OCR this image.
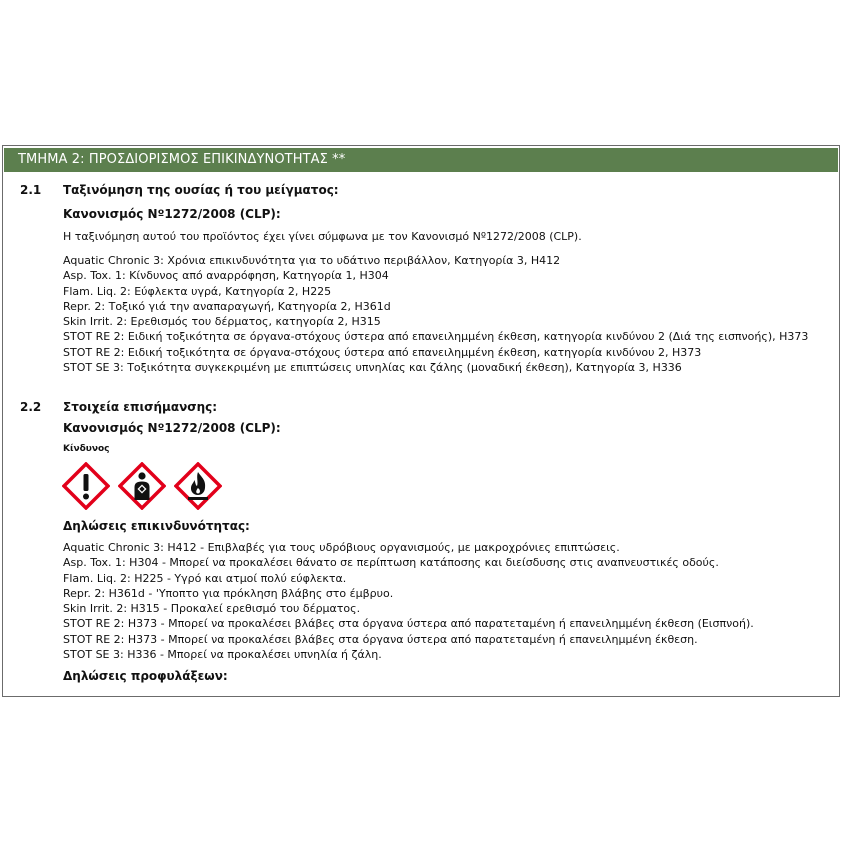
ΤΜΗΜΑ 2: ΠΡΟΣΔΙΟΡΙΣΜΟΣ ΕΠΙΚΙΝΔΥΝΟΤΗΤΑΣ **
2.1 Ταξινόμηση της ουσίας ή του μείγματος:
Κανονισμός Nº1272/2008 (CLP):
Η ταξινόμηση αυτού του προϊόντος έχει γίνει σύμφωνα με τον Κανονισμό Nº1272/2008 (CLP).
Aquatic Chronic 3: Χρόνια επικινδυνότητα για το υδάτινο περιβάλλον, Κατηγορία 3, H412
Asp. Tox. 1: Κίνδυνος από αναρρόφηση, Κατηγορία 1, H304
Flam. Liq. 2: Εύφλεκτα υγρά, Κατηγορία 2, H225
Repr. 2: Τοξικό γιά την αναπαραγωγή, Κατηγορία 2, H361d
Skin Irrit. 2: Ερεθισμός του δέρματος, κατηγορία 2, H315
STOT RE 2: Ειδική τοξικότητα σε όργανα-στόχους ύστερα από επανειλημμένη έκθεση, κατηγορία κινδύνου 2 (Διά της εισπνοής), H373
STOT RE 2: Ειδική τοξικότητα σε όργανα-στόχους ύστερα από επανειλημμένη έκθεση, κατηγορία κινδύνου 2, H373
STOT SE 3: Τοξικότητα συγκεκριμένη με επιπτώσεις υπνηλίας και ζάλης (μοναδική έκθεση), Κατηγορία 3, H336
2.2 Στοιχεία επισήμανσης:
Κανονισμός Nº1272/2008 (CLP):
Κίνδυνος
Δηλώσεις επικινδυνότητας:
Aquatic Chronic 3: H412 - Επιβλαβές για τους υδρόβιους οργανισμούς, με μακροχρόνιες επιπτώσεις.
Asp. Tox. 1: H304 - Μπορεί να προκαλέσει θάνατο σε περίπτωση κατάποσης και διείσδυσης στις αναπνευστικές οδούς.
Flam. Liq. 2: H225 - Υγρό και ατμοί πολύ εύφλεκτα.
Repr. 2: H361d - 'Υποπτο για πρόκληση βλάβης στο έμβρυο.
Skin Irrit. 2: H315 - Προκαλεί ερεθισμό του δέρματος.
STOT RE 2: H373 - Μπορεί να προκαλέσει βλάβες στα όργανα ύστερα από παρατεταμένη ή επανειλημμένη έκθεση (Εισπνοή).
STOT RE 2: H373 - Μπορεί να προκαλέσει βλάβες στα όργανα ύστερα από παρατεταμένη ή επανειλημμένη έκθεση.
STOT SE 3: H336 - Μπορεί να προκαλέσει υπνηλία ή ζάλη.
Δηλώσεις προφυλάξεων:
